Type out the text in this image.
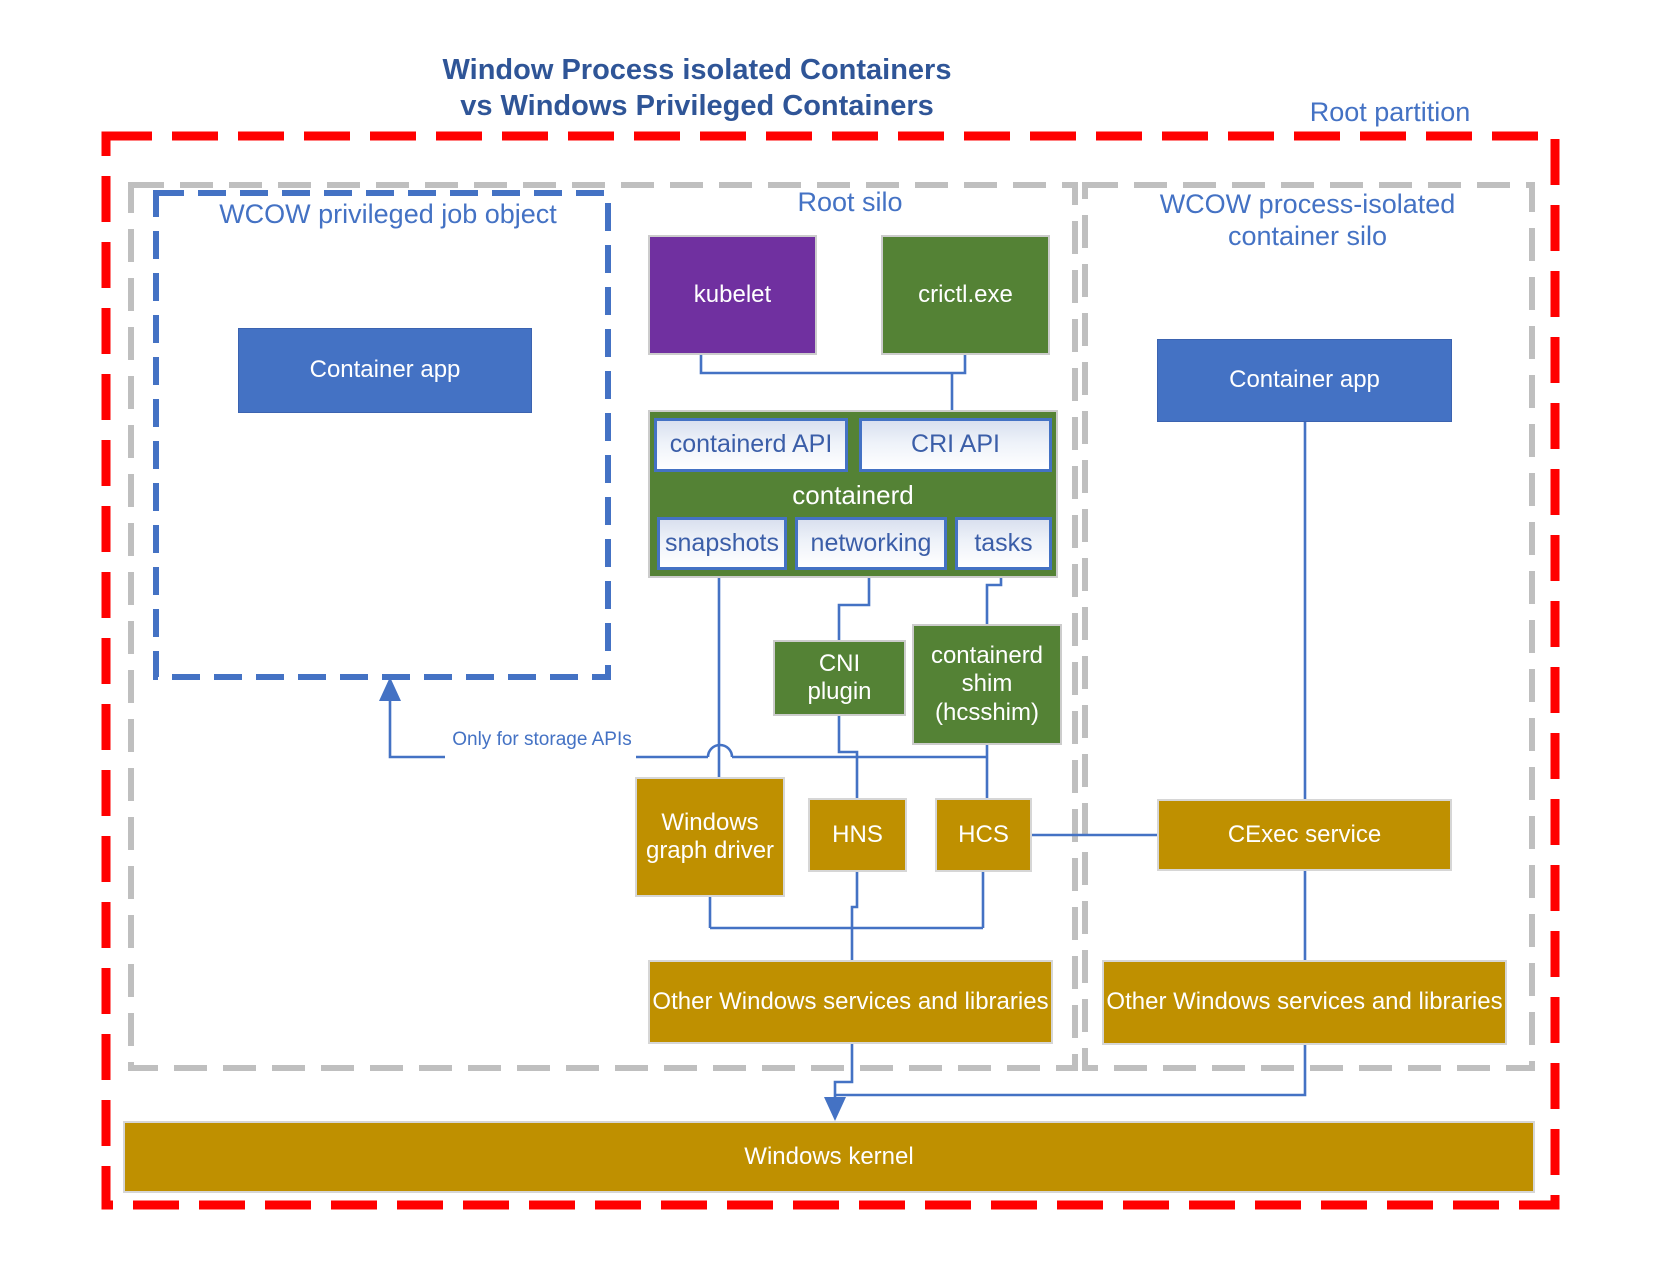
Window Process isolated Containers
vs Windows Privileged Containers	Root partition
WCOW privileged job object	Root silo	WCOW process-isolated container silo
Only for storage APIs
Container app
kubelet	crictl.exe
containerd API	CRI API
containerd
snapshots	networking	tasks
CNI plugin
containerd shim (hcsshim)
Windows graph driver
HNS	HCS
Other Windows services and libraries
Container app
CExec service
Other Windows services and libraries
Windows kernel
